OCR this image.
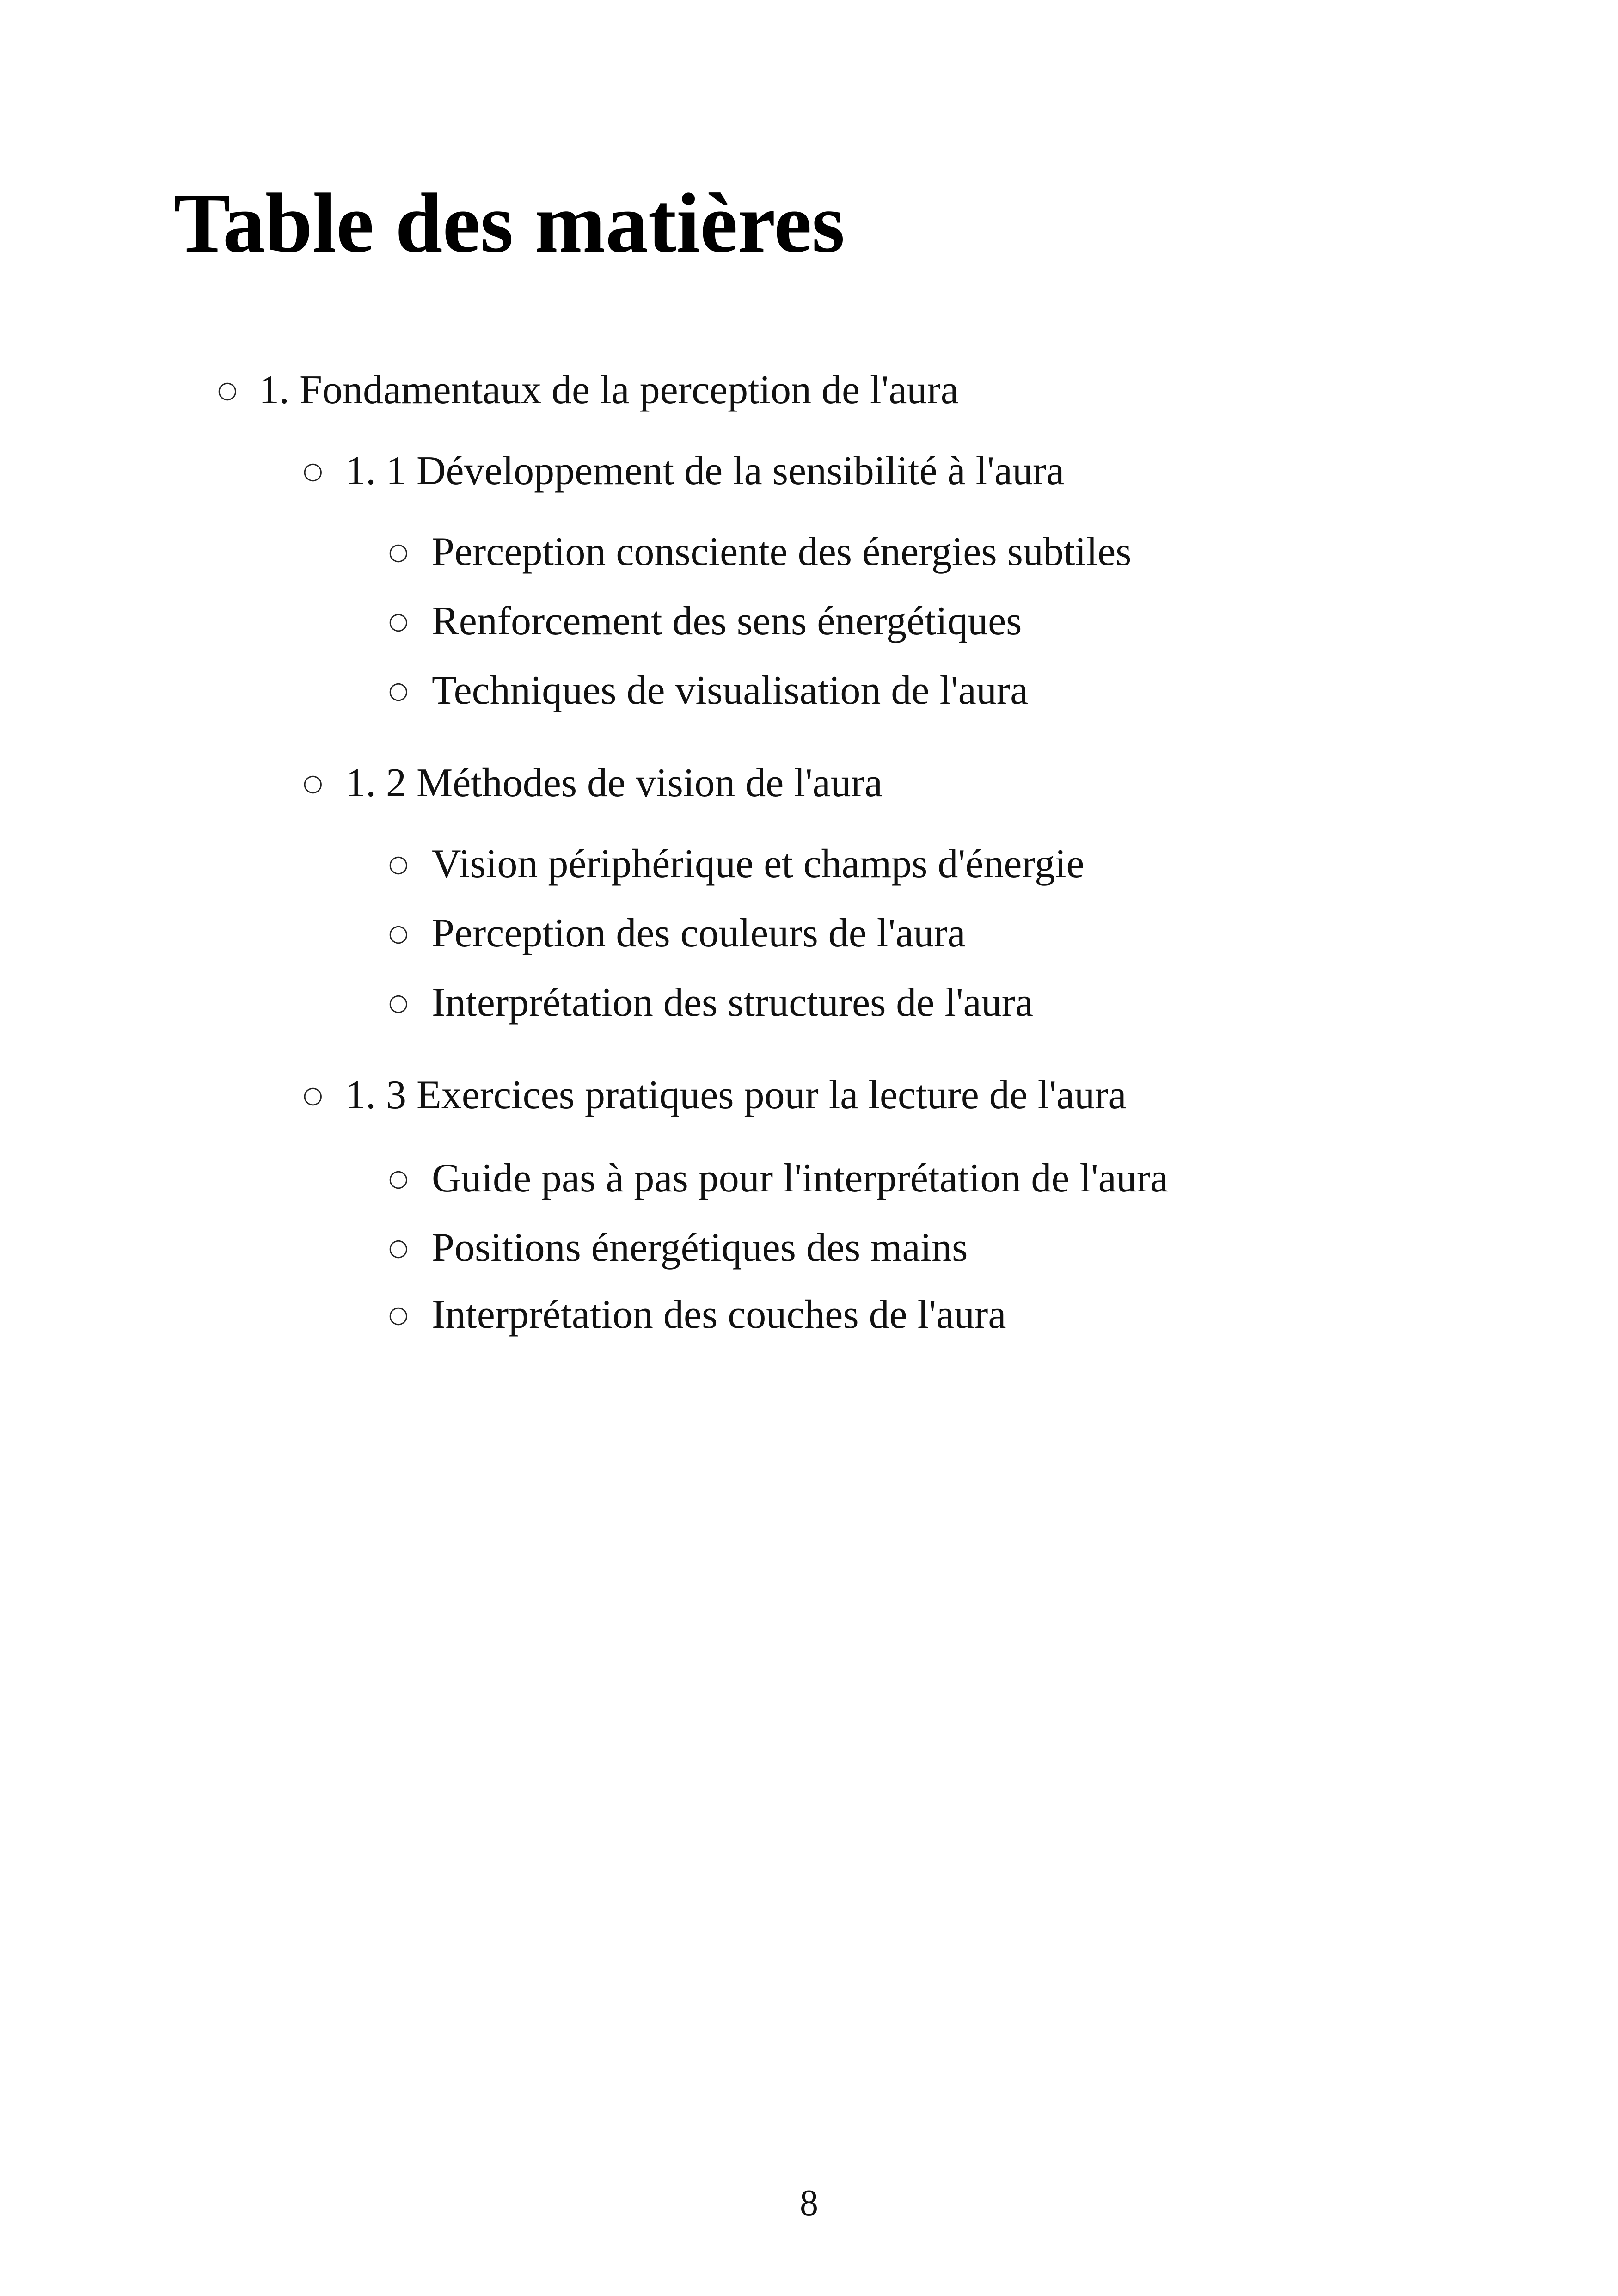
Table des matières
○ 1. Fondamentaux de la perception de l'aura
○ 1. 1 Développement de la sensibilité à l'aura
○ Perception consciente des énergies subtiles
○ Renforcement des sens énergétiques
○ Techniques de visualisation de l'aura
○ 1. 2 Méthodes de vision de l'aura
○ Vision périphérique et champs d'énergie
○ Perception des couleurs de l'aura
○ Interprétation des structures de l'aura
○ 1. 3 Exercices pratiques pour la lecture de l'aura
○ Guide pas à pas pour l'interprétation de l'aura
○ Positions énergétiques des mains
○ Interprétation des couches de l'aura
8
